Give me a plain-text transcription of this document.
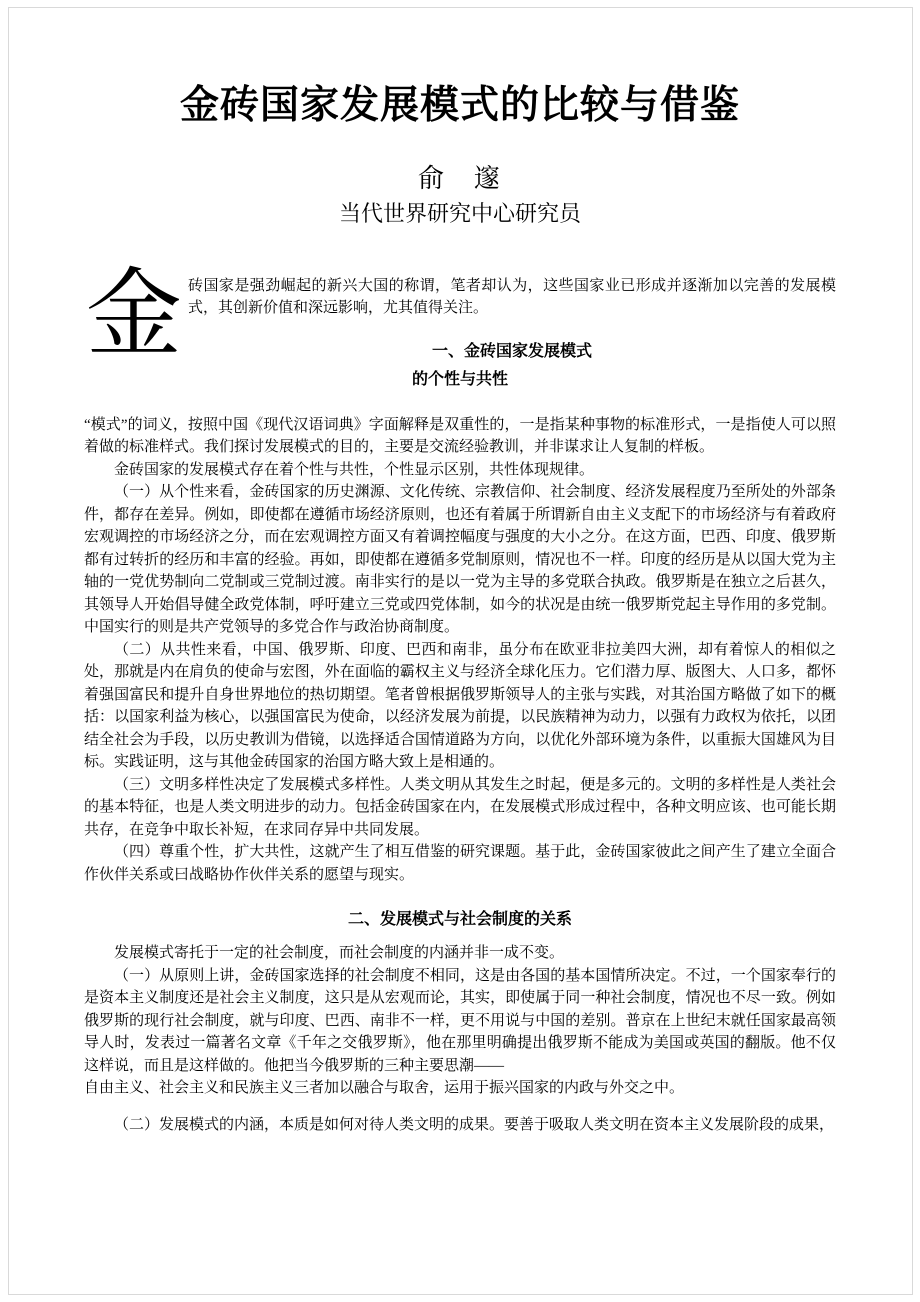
金砖国家发展模式的比较与借鉴
俞　邃
当代世界研究中心研究员
金 砖国家是强劲崛起的新兴大国的称谓，笔者却认为，这些国家业已形成并逐渐加以完善的发展模式，其创新价值和深远影响，尤其值得关注。

一、金砖国家发展模式
的个性与共性

“模式”的词义，按照中国《现代汉语词典》字面解释是双重性的，一是指某种事物的标准形式，一是指使人可以照着做的标准样式。我们探讨发展模式的目的，主要是交流经验教训，并非谋求让人复制的样板。

金砖国家的发展模式存在着个性与共性，个性显示区别，共性体现规律。

（一）从个性来看，金砖国家的历史渊源、文化传统、宗教信仰、社会制度、经济发展程度乃至所处的外部条件，都存在差异。例如，即使都在遵循市场经济原则，也还有着属于所谓新自由主义支配下的市场经济与有着政府宏观调控的市场经济之分，而在宏观调控方面又有着调控幅度与强度的大小之分。在这方面，巴西、印度、俄罗斯都有过转折的经历和丰富的经验。再如，即使都在遵循多党制原则，情况也不一样。印度的经历是从以国大党为主轴的一党优势制向二党制或三党制过渡。南非实行的是以一党为主导的多党联合执政。俄罗斯是在独立之后甚久，其领导人开始倡导健全政党体制，呼吁建立三党或四党体制，如今的状况是由统一俄罗斯党起主导作用的多党制。中国实行的则是共产党领导的多党合作与政治协商制度。

（二）从共性来看，中国、俄罗斯、印度、巴西和南非，虽分布在欧亚非拉美四大洲，却有着惊人的相似之处，那就是内在肩负的使命与宏图，外在面临的霸权主义与经济全球化压力。它们潜力厚、版图大、人口多，都怀着强国富民和提升自身世界地位的热切期望。笔者曾根据俄罗斯领导人的主张与实践，对其治国方略做了如下的概括：以国家利益为核心，以强国富民为使命，以经济发展为前提，以民族精神为动力，以强有力政权为依托，以团结全社会为手段，以历史教训为借镜，以选择适合国情道路为方向，以优化外部环境为条件，以重振大国雄风为目标。实践证明，这与其他金砖国家的治国方略大致上是相通的。

（三）文明多样性决定了发展模式多样性。人类文明从其发生之时起，便是多元的。文明的多样性是人类社会的基本特征，也是人类文明进步的动力。包括金砖国家在内，在发展模式形成过程中，各种文明应该、也可能长期共存，在竞争中取长补短，在求同存异中共同发展。

（四）尊重个性，扩大共性，这就产生了相互借鉴的研究课题。基于此，金砖国家彼此之间产生了建立全面合作伙伴关系或曰战略协作伙伴关系的愿望与现实。

二、发展模式与社会制度的关系

发展模式寄托于一定的社会制度，而社会制度的内涵并非一成不变。

（一）从原则上讲，金砖国家选择的社会制度不相同，这是由各国的基本国情所决定。不过，一个国家奉行的是资本主义制度还是社会主义制度，这只是从宏观而论，其实，即使属于同一种社会制度，情况也不尽一致。例如俄罗斯的现行社会制度，就与印度、巴西、南非不一样，更不用说与中国的差别。普京在上世纪末就任国家最高领导人时，发表过一篇著名文章《千年之交俄罗斯》，他在那里明确提出俄罗斯不能成为美国或英国的翻版。他不仅这样说，而且是这样做的。他把当今俄罗斯的三种主要思潮——

自由主义、社会主义和民族主义三者加以融合与取舍，运用于振兴国家的内政与外交之中。

（二）发展模式的内涵，本质是如何对待人类文明的成果。要善于吸取人类文明在资本主义发展阶段的成果，
